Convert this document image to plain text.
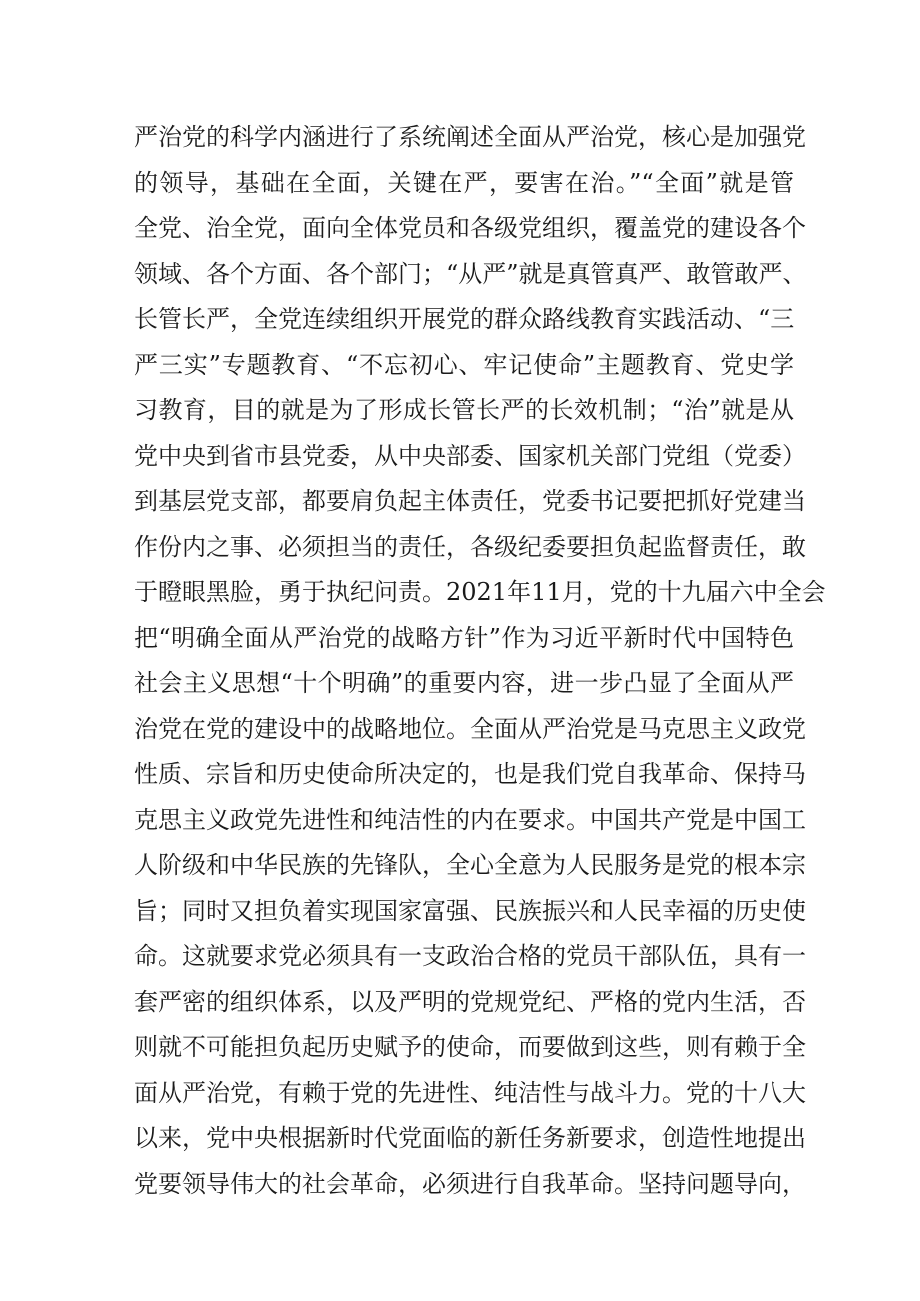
严治党的科学内涵进行了系统阐述全面从严治党，核心是加强党
的领导，基础在全面，关键在严，要害在治。”“全面”就是管
全党、治全党，面向全体党员和各级党组织，覆盖党的建设各个
领域、各个方面、各个部门；“从严”就是真管真严、敢管敢严、
长管长严，全党连续组织开展党的群众路线教育实践活动、“三
严三实”专题教育、“不忘初心、牢记使命”主题教育、党史学
习教育，目的就是为了形成长管长严的长效机制；“治”就是从
党中央到省市县党委，从中央部委、国家机关部门党组（党委）
到基层党支部，都要肩负起主体责任，党委书记要把抓好党建当
作份内之事、必须担当的责任，各级纪委要担负起监督责任，敢
于瞪眼黑脸，勇于执纪问责。2021年11月，党的十九届六中全会
把“明确全面从严治党的战略方针”作为习近平新时代中国特色
社会主义思想“十个明确”的重要内容，进一步凸显了全面从严
治党在党的建设中的战略地位。全面从严治党是马克思主义政党
性质、宗旨和历史使命所决定的，也是我们党自我革命、保持马
克思主义政党先进性和纯洁性的内在要求。中国共产党是中国工
人阶级和中华民族的先锋队，全心全意为人民服务是党的根本宗
旨；同时又担负着实现国家富强、民族振兴和人民幸福的历史使
命。这就要求党必须具有一支政治合格的党员干部队伍，具有一
套严密的组织体系，以及严明的党规党纪、严格的党内生活，否
则就不可能担负起历史赋予的使命，而要做到这些，则有赖于全
面从严治党，有赖于党的先进性、纯洁性与战斗力。党的十八大
以来，党中央根据新时代党面临的新任务新要求，创造性地提出
党要领导伟大的社会革命，必须进行自我革命。坚持问题导向，
